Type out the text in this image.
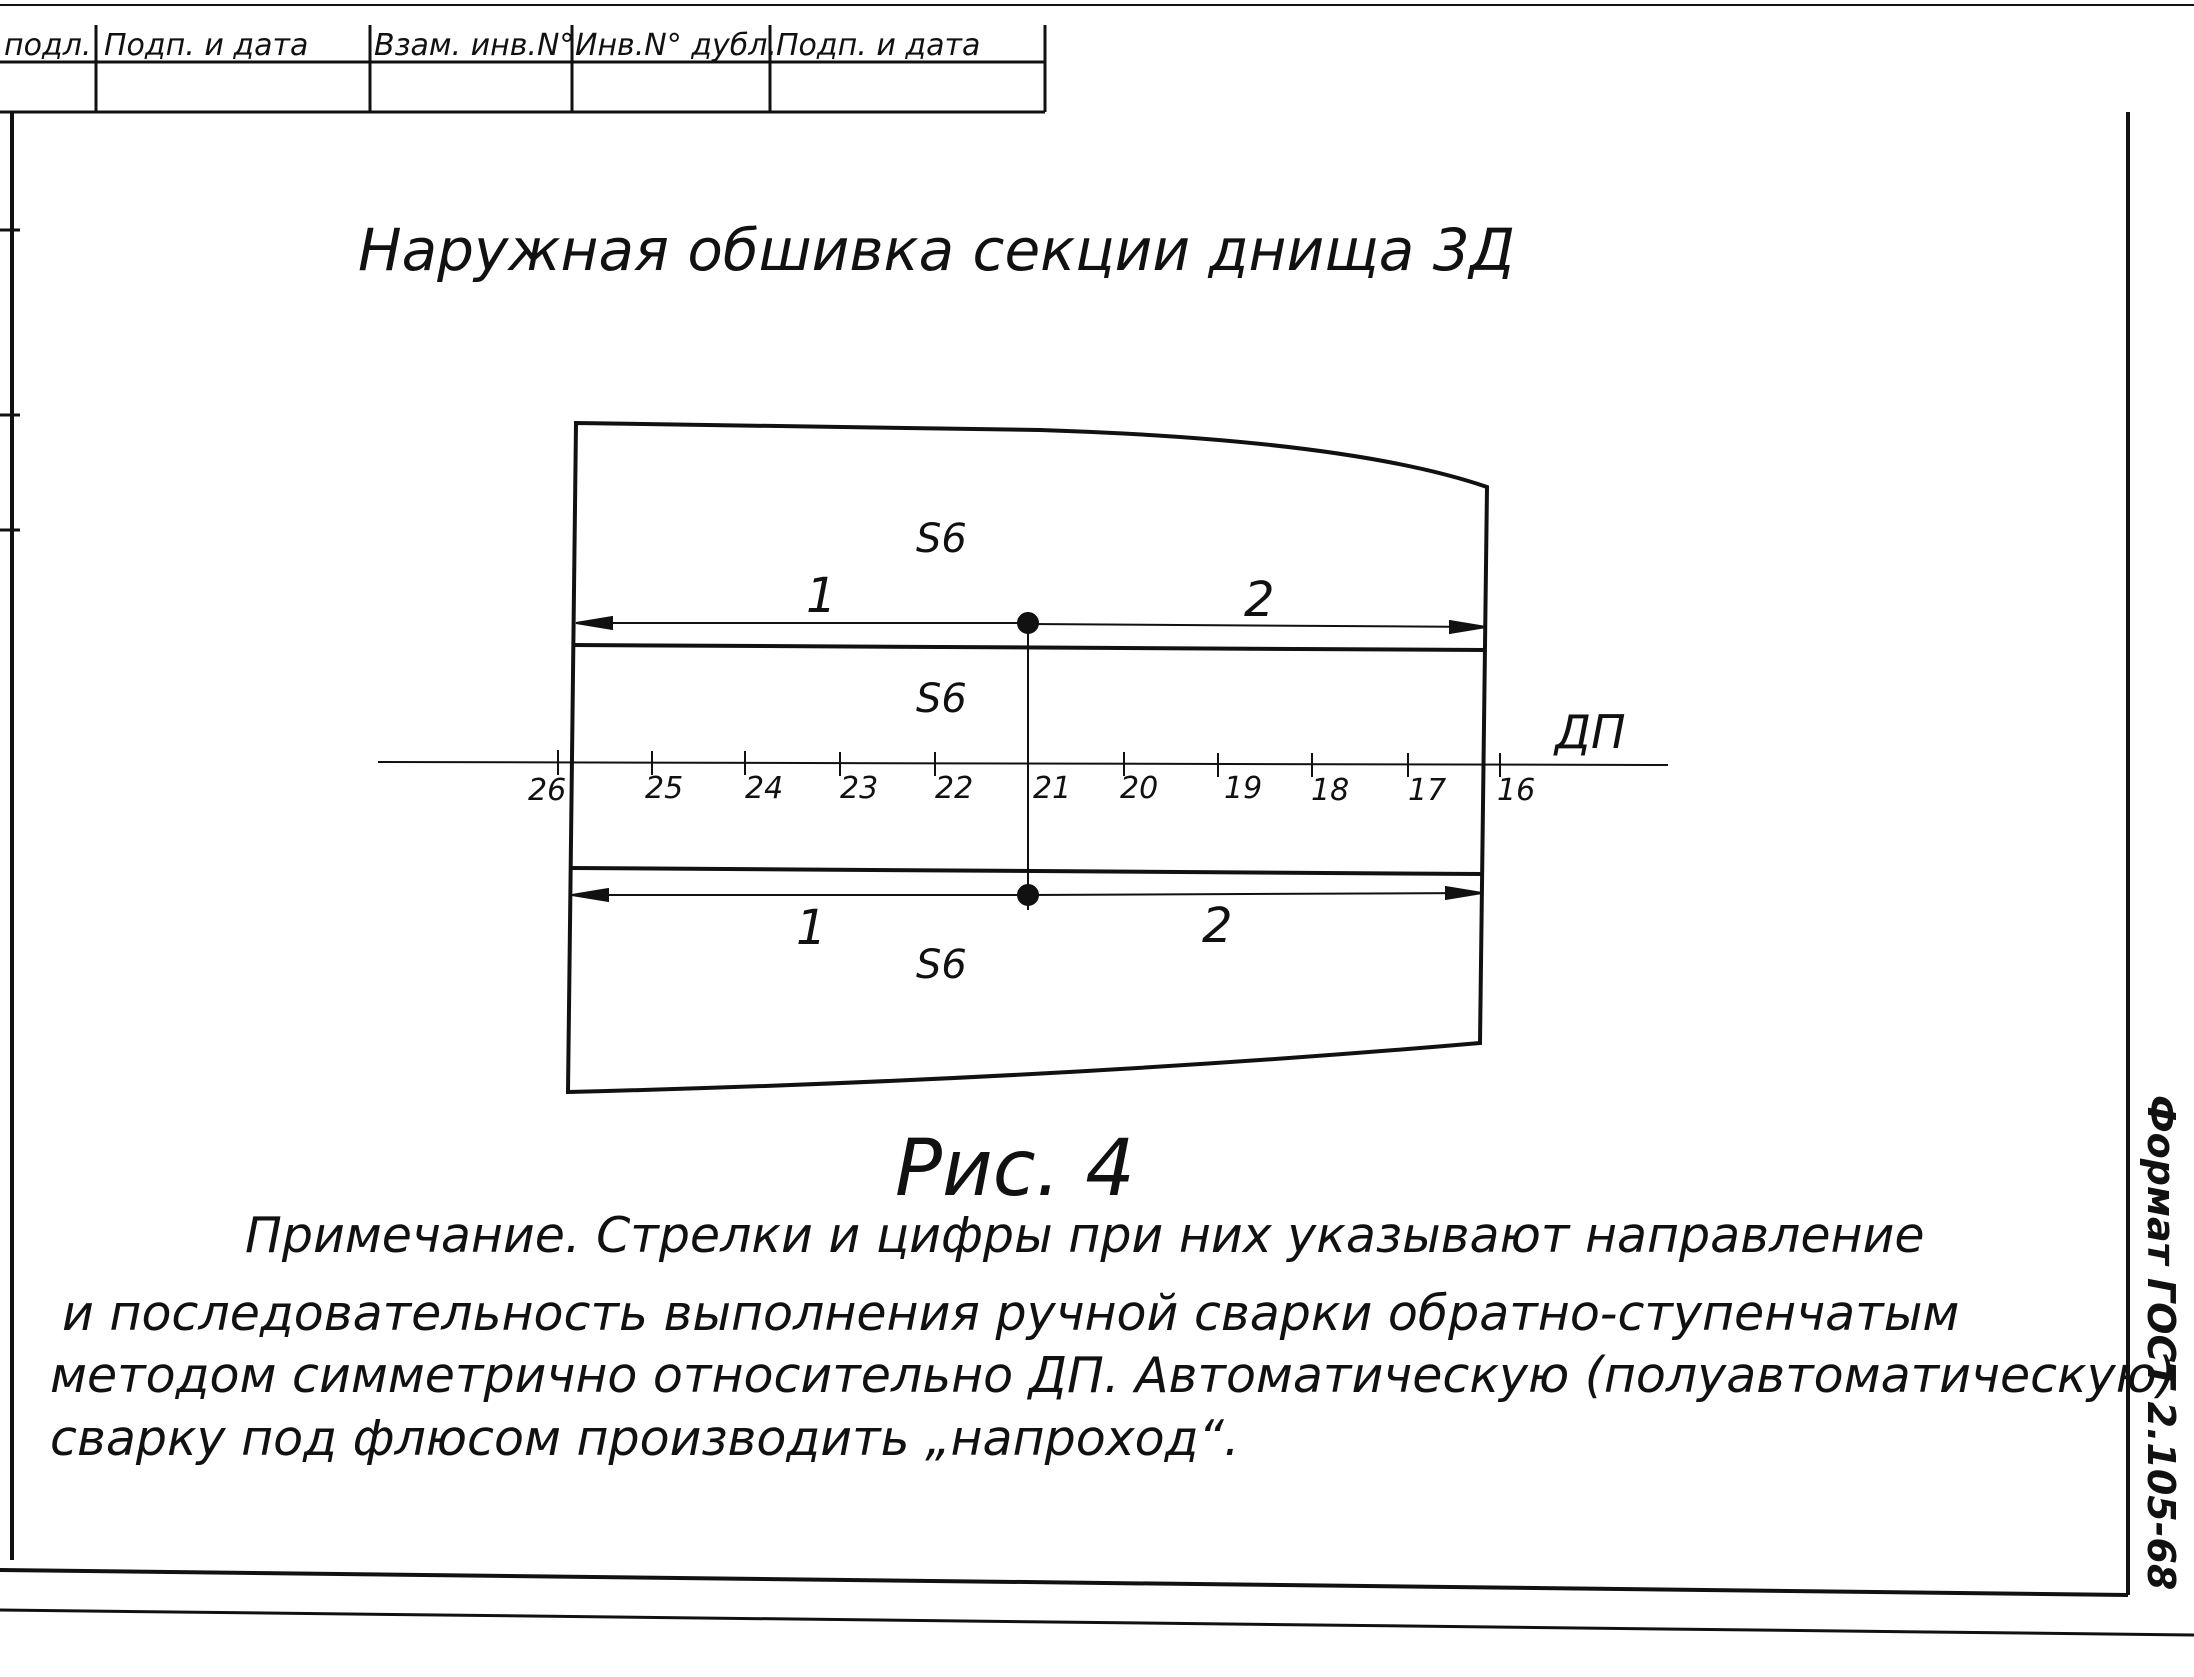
подл. Подп. и дата Взам. инв.N° Инв.N° дубл. Подп. и дата
Наружная обшивка секции днища 3Д
ДП
26	25 24 23 22 21 20 19 18 17 16
S6
S6
S6
1	2
1	2
Рис. 4
Примечание. Стрелки и цифры при них указывают направление
и последовательность выполнения ручной сварки обратно-ступенчатым
методом симметрично относительно ДП. Автоматическую (полуавтоматическую)
сварку под флюсом производить „напроход“.	Формат ГОСТ 2.105-68
